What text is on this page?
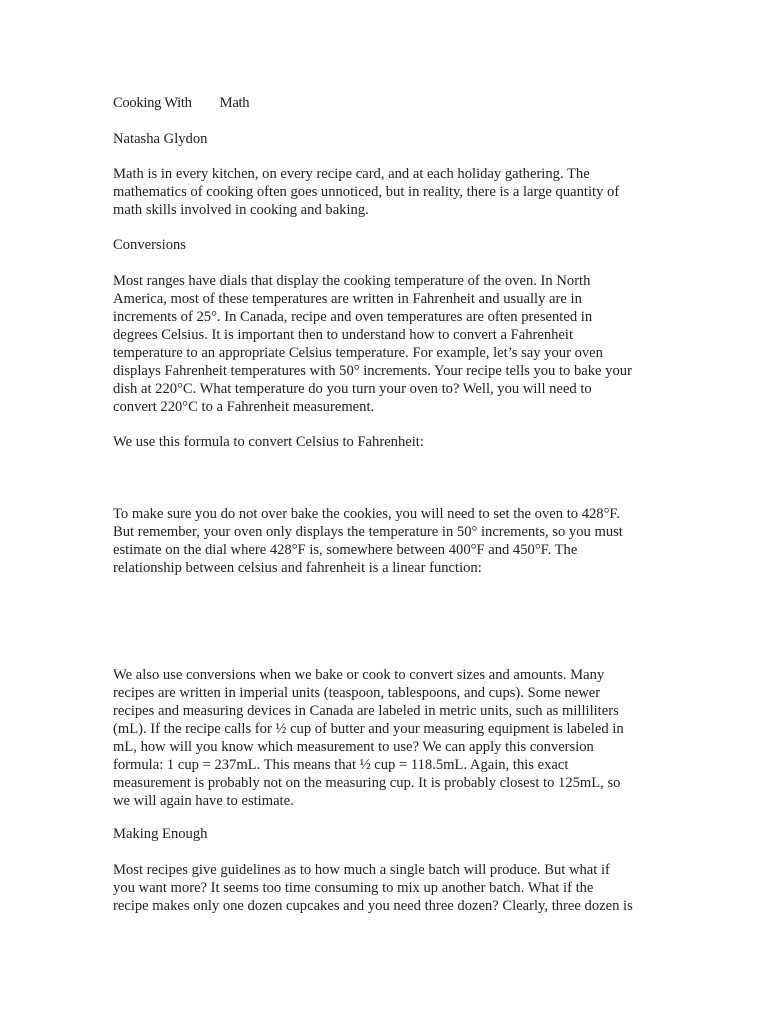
Cooking With Math
Natasha Glydon
Math is in every kitchen, on every recipe card, and at each holiday gathering. The
mathematics of cooking often goes unnoticed, but in reality, there is a large quantity of
math skills involved in cooking and baking.
Conversions
Most ranges have dials that display the cooking temperature of the oven. In North
America, most of these temperatures are written in Fahrenheit and usually are in
increments of 25°. In Canada, recipe and oven temperatures are often presented in
degrees Celsius. It is important then to understand how to convert a Fahrenheit
temperature to an appropriate Celsius temperature. For example, let’s say your oven
displays Fahrenheit temperatures with 50° increments. Your recipe tells you to bake your
dish at 220°C. What temperature do you turn your oven to? Well, you will need to
convert 220°C to a Fahrenheit measurement.
We use this formula to convert Celsius to Fahrenheit:
To make sure you do not over bake the cookies, you will need to set the oven to 428°F.
But remember, your oven only displays the temperature in 50° increments, so you must
estimate on the dial where 428°F is, somewhere between 400°F and 450°F. The
relationship between celsius and fahrenheit is a linear function:
We also use conversions when we bake or cook to convert sizes and amounts. Many
recipes are written in imperial units (teaspoon, tablespoons, and cups). Some newer
recipes and measuring devices in Canada are labeled in metric units, such as milliliters
(mL). If the recipe calls for ½ cup of butter and your measuring equipment is labeled in
mL, how will you know which measurement to use? We can apply this conversion
formula: 1 cup = 237mL. This means that ½ cup = 118.5mL. Again, this exact
measurement is probably not on the measuring cup. It is probably closest to 125mL, so
we will again have to estimate.
Making Enough
Most recipes give guidelines as to how much a single batch will produce. But what if
you want more? It seems too time consuming to mix up another batch. What if the
recipe makes only one dozen cupcakes and you need three dozen? Clearly, three dozen is
